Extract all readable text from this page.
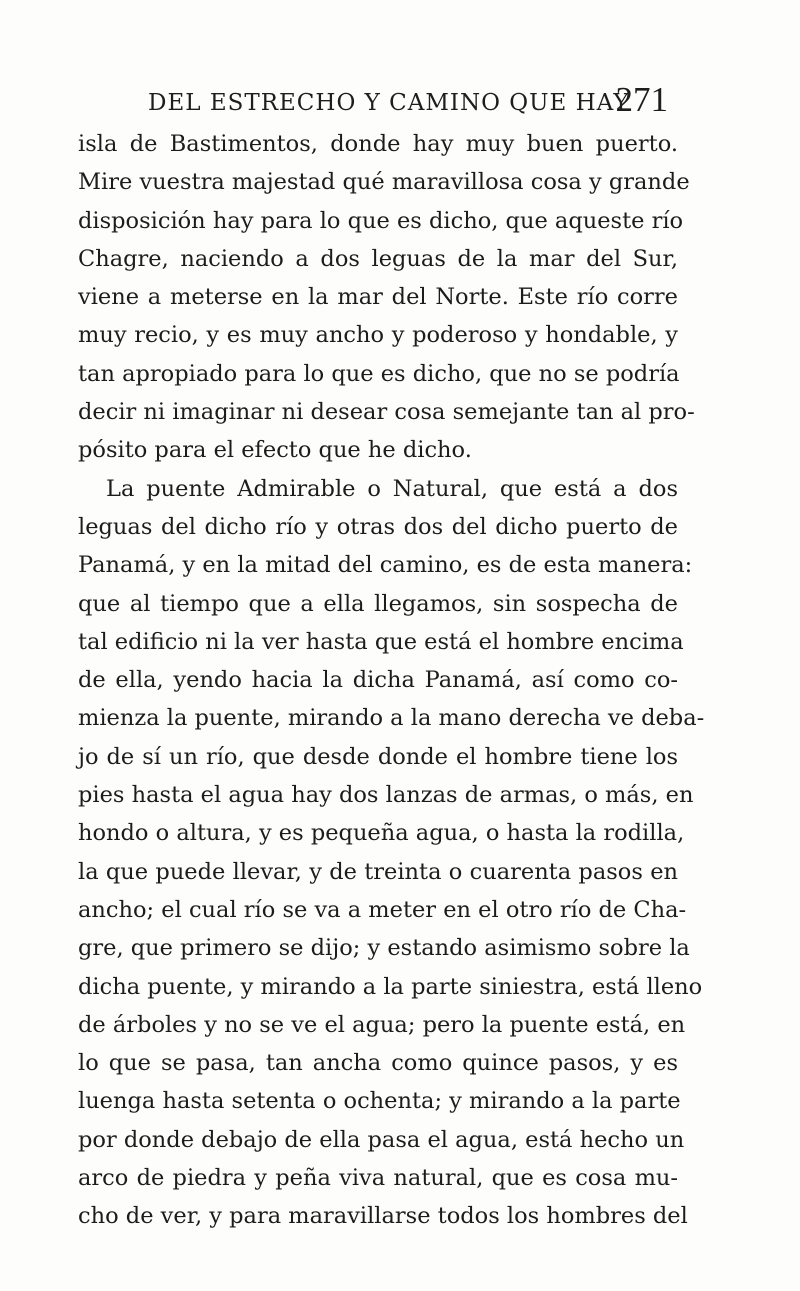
DEL ESTRECHO Y CAMINO QUE HAY
271
isla de Bastimentos, donde hay muy buen puerto.
Mire vuestra majestad qué maravillosa cosa y grande
disposición hay para lo que es dicho, que aqueste río
Chagre, naciendo a dos leguas de la mar del Sur,
viene a meterse en la mar del Norte. Este río corre
muy recio, y es muy ancho y poderoso y hondable, y
tan apropiado para lo que es dicho, que no se podría
decir ni imaginar ni desear cosa semejante tan al pro-
pósito para el efecto que he dicho.
La puente Admirable o Natural, que está a dos
leguas del dicho río y otras dos del dicho puerto de
Panamá, y en la mitad del camino, es de esta manera:
que al tiempo que a ella llegamos, sin sospecha de
tal edificio ni la ver hasta que está el hombre encima
de ella, yendo hacia la dicha Panamá, así como co-
mienza la puente, mirando a la mano derecha ve deba-
jo de sí un río, que desde donde el hombre tiene los
pies hasta el agua hay dos lanzas de armas, o más, en
hondo o altura, y es pequeña agua, o hasta la rodilla,
la que puede llevar, y de treinta o cuarenta pasos en
ancho; el cual río se va a meter en el otro río de Cha-
gre, que primero se dijo; y estando asimismo sobre la
dicha puente, y mirando a la parte siniestra, está lleno
de árboles y no se ve el agua; pero la puente está, en
lo que se pasa, tan ancha como quince pasos, y es
luenga hasta setenta o ochenta; y mirando a la parte
por donde debajo de ella pasa el agua, está hecho un
arco de piedra y peña viva natural, que es cosa mu-
cho de ver, y para maravillarse todos los hombres del
